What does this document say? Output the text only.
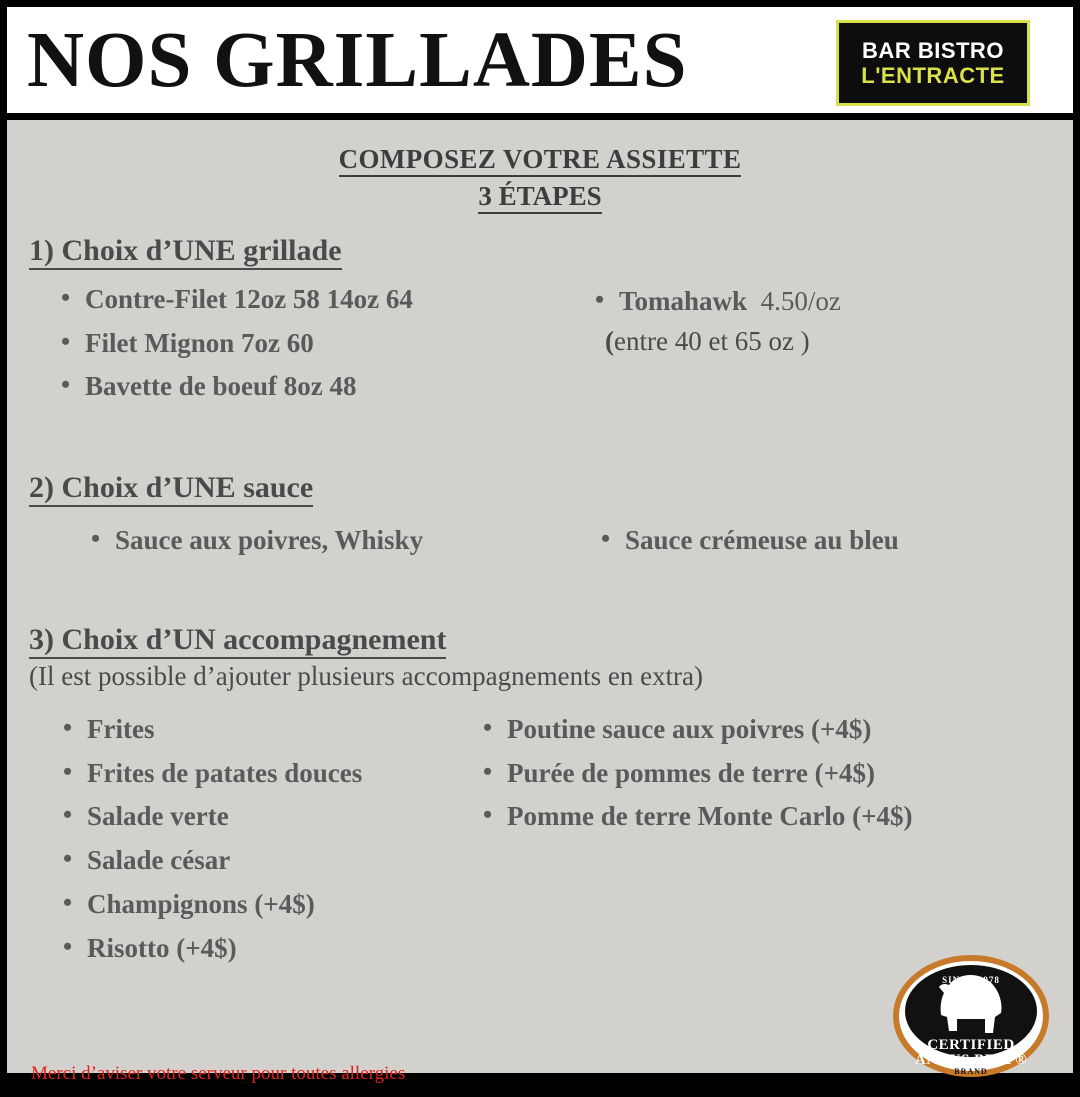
NOS GRILLADES	BAR BISTRO
L'ENTRACTE
COMPOSEZ VOTRE ASSIETTE
3 ÉTAPES
1) Choix d’UNE grillade
• Contre-Filet 12oz 58 14oz 64
• Filet Mignon 7oz 60
• Bavette de boeuf 8oz 48
• Tomahawk 4.50/oz
(entre 40 et 65 oz )
2) Choix d’UNE sauce
• Sauce aux poivres, Whisky	• Sauce crémeuse au bleu
3) Choix d’UN accompagnement
(Il est possible d’ajouter plusieurs accompagnements en extra)
• Frites
• Frites de patates douces
• Salade verte
• Salade césar
• Champignons (+4$)
• Risotto (+4$)
• Poutine sauce aux poivres (+4$)
• Purée de pommes de terre (+4$)
• Pomme de terre Monte Carlo (+4$)
Merci d’aviser votre serveur pour toutes allergies
SINCE 1978
CERTIFIED
ANGUS BEEF®
BRAND
